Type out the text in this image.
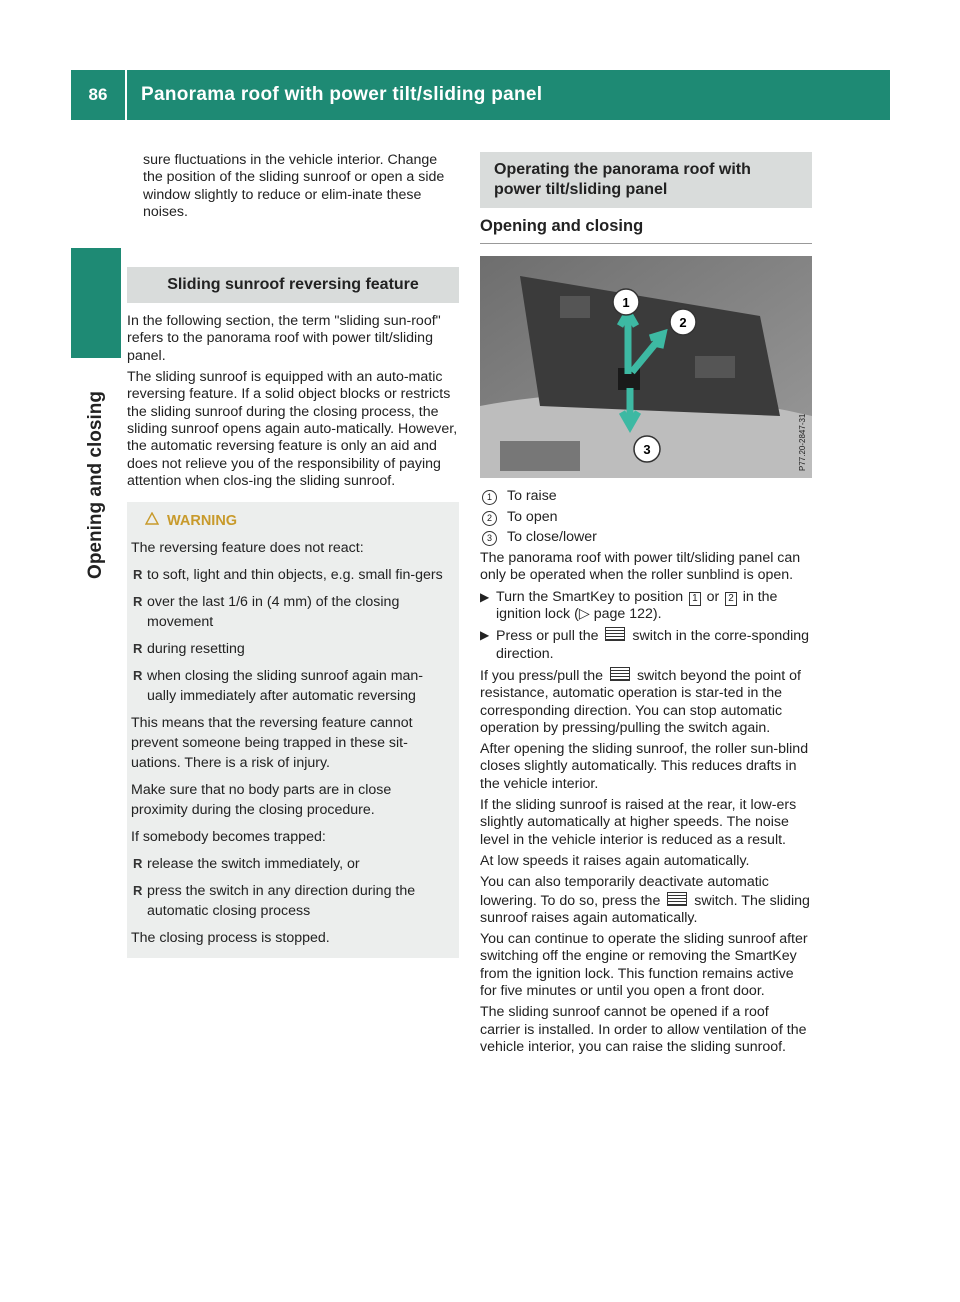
86	Panorama roof with power tilt/sliding panel
Opening and closing

sure fluctuations in the vehicle interior. Change the position of the sliding sunroof or open a side window slightly to reduce or elim-inate these noises.

Sliding sunroof reversing feature

In the following section, the term "sliding sun-roof" refers to the panorama roof with power tilt/sliding panel.

The sliding sunroof is equipped with an auto-matic reversing feature. If a solid object blocks or restricts the sliding sunroof during the closing process, the sliding sunroof opens again auto-matically. However, the automatic reversing feature is only an aid and does not relieve you of the responsibility of paying attention when clos-ing the sliding sunroof.

WARNING

The reversing feature does not react:

R to soft, light and thin objects, e.g. small fin-gers
R over the last 1/6 in (4 mm) of the closing movement
R during resetting
R when closing the sliding sunroof again man-ually immediately after automatic reversing

This means that the reversing feature cannot prevent someone being trapped in these sit-uations. There is a risk of injury.

Make sure that no body parts are in close proximity during the closing procedure.

If somebody becomes trapped:

R release the switch immediately, or
R press the switch in any direction during the automatic closing process

The closing process is stopped.

Operating the panorama roof with power tilt/sliding panel
Opening and closing
1
2
3	P77.20-2847-31
1	To raise
2	To open
3	To close/lower

The panorama roof with power tilt/sliding panel can only be operated when the roller sunblind is open.

▶ Turn the SmartKey to position 1 or 2 in the ignition lock (▷ page 122).
▶ Press or pull the switch in the corre-sponding direction.

If you press/pull the switch beyond the point of resistance, automatic operation is star-ted in the corresponding direction. You can stop automatic operation by pressing/pulling the switch again.

After opening the sliding sunroof, the roller sun-blind closes slightly automatically. This reduces drafts in the vehicle interior.

If the sliding sunroof is raised at the rear, it low-ers slightly automatically at higher speeds. The noise level in the vehicle interior is reduced as a result.

At low speeds it raises again automatically.

You can also temporarily deactivate automatic lowering. To do so, press the switch. The sliding sunroof raises again automatically.

You can continue to operate the sliding sunroof after switching off the engine or removing the SmartKey from the ignition lock. This function remains active for five minutes or until you open a front door.

The sliding sunroof cannot be opened if a roof carrier is installed. In order to allow ventilation of the vehicle interior, you can raise the sliding sunroof.
